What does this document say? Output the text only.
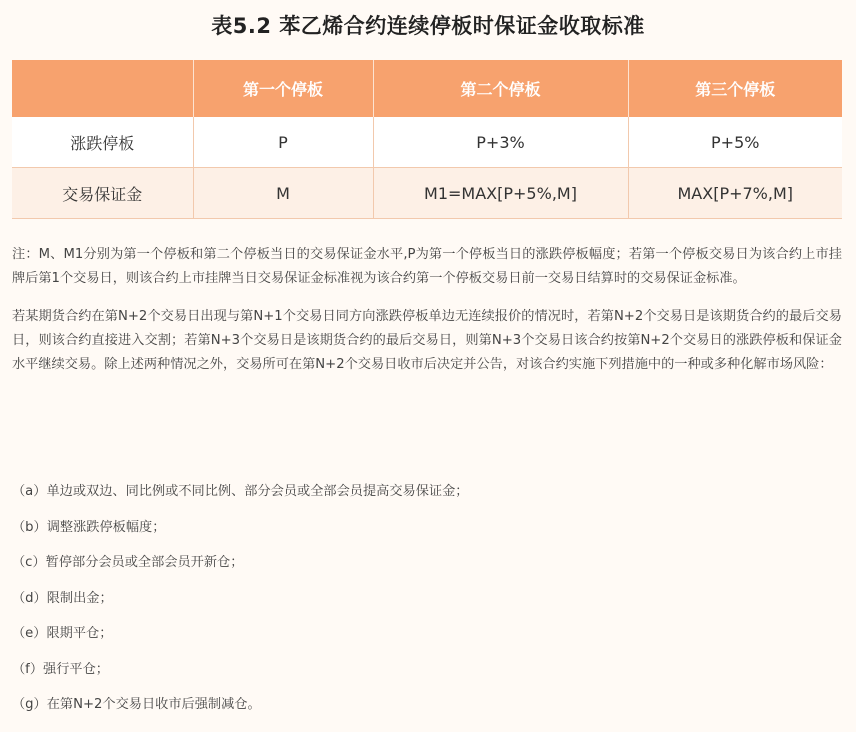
表5.2 苯乙烯合约连续停板时保证金收取标准
	第一个停板	第二个停板	第三个停板
涨跌停板	P	P+3%	P+5%
交易保证金	M	M1=MAX[P+5%,M]	MAX[P+7%,M]

注：M、M1分别为第一个停板和第二个停板当日的交易保证金水平,P为第一个停板当日的涨跌停板幅度；若第一个停板交易日为该合约上市挂牌后第1个交易日，则该合约上市挂牌当日交易保证金标准视为该合约第一个停板交易日前一交易日结算时的交易保证金标准。

若某期货合约在第N+2个交易日出现与第N+1个交易日同方向涨跌停板单边无连续报价的情况时，若第N+2个交易日是该期货合约的最后交易日，则该合约直接进入交割；若第N+3个交易日是该期货合约的最后交易日，则第N+3个交易日该合约按第N+2个交易日的涨跌停板和保证金水平继续交易。除上述两种情况之外，交易所可在第N+2个交易日收市后决定并公告，对该合约实施下列措施中的一种或多种化解市场风险：

（a）单边或双边、同比例或不同比例、部分会员或全部会员提高交易保证金；
（b）调整涨跌停板幅度；
（c）暂停部分会员或全部会员开新仓；
（d）限制出金；
（e）限期平仓；
（f）强行平仓；
（g）在第N+2个交易日收市后强制减仓。
